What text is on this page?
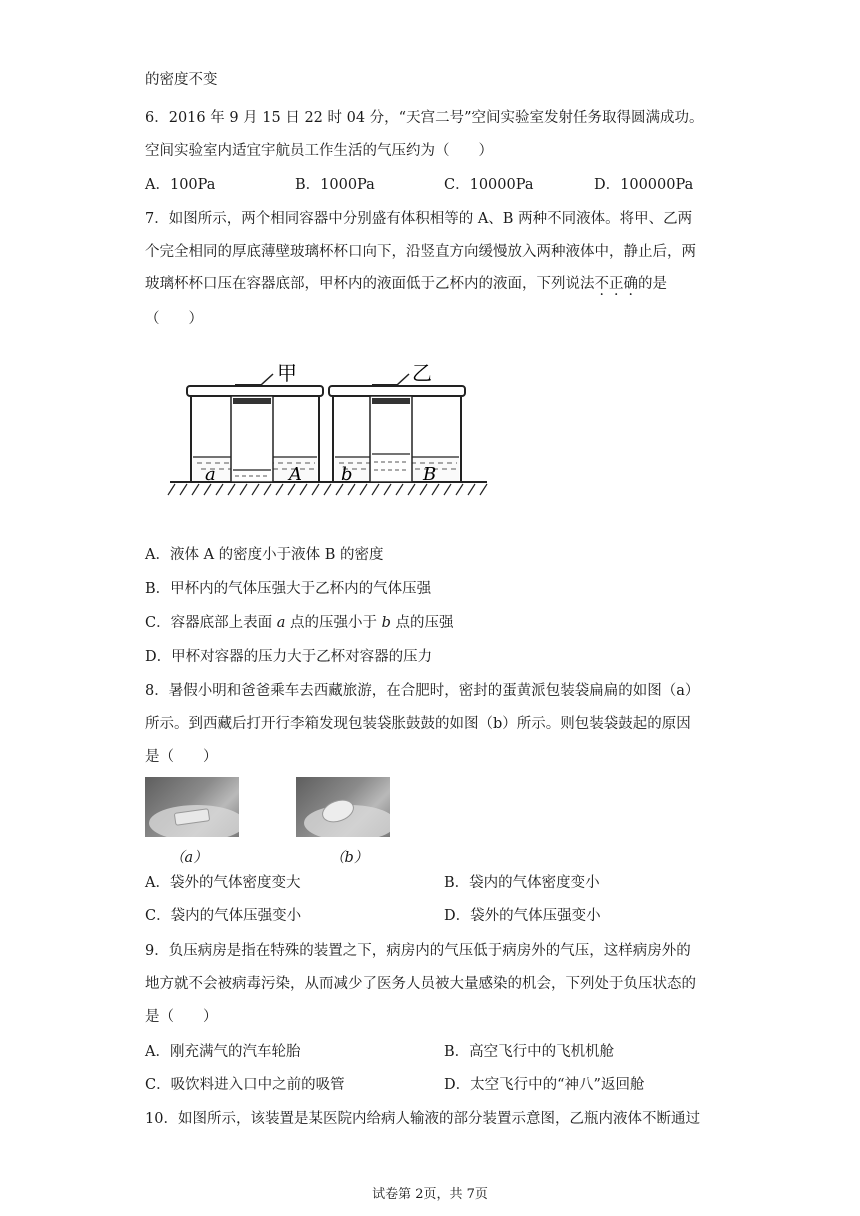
的密度不变
6．2016 年 9 月 15 日 22 时 04 分，“天宫二号”空间实验室发射任务取得圆满成功。
空间实验室内适宜宇航员工作生活的气压约为（　　）
A．100Pa	B．1000Pa	C．10000Pa	D．100000Pa
7．如图所示，两个相同容器中分别盛有体积相等的 A、B 两种不同液体。将甲、乙两
个完全相同的厚底薄壁玻璃杯杯口向下，沿竖直方向缓慢放入两种液体中，静止后，两
玻璃杯杯口压在容器底部，甲杯内的液面低于乙杯内的液面，下列说法不正确的是
（　　）
甲	乙
a	A b	B
A．液体 A 的密度小于液体 B 的密度
B．甲杯内的气体压强大于乙杯内的气体压强
C．容器底部上表面 a 点的压强小于 b 点的压强
D．甲杯对容器的压力大于乙杯对容器的压力
8．暑假小明和爸爸乘车去西藏旅游，在合肥时，密封的蛋黄派包装袋扁扁的如图（a）
所示。到西藏后打开行李箱发现包装袋胀鼓鼓的如图（b）所示。则包装袋鼓起的原因
是（　　）
（a）	（b）
A．袋外的气体密度变大	B．袋内的气体密度变小
C．袋内的气体压强变小	D．袋外的气体压强变小
9．负压病房是指在特殊的装置之下，病房内的气压低于病房外的气压，这样病房外的
地方就不会被病毒污染，从而减少了医务人员被大量感染的机会，下列处于负压状态的
是（　　）
A．刚充满气的汽车轮胎	B．高空飞行中的飞机机舱
C．吸饮料进入口中之前的吸管	D．太空飞行中的“神八”返回舱
10．如图所示，该装置是某医院内给病人输液的部分装置示意图，乙瓶内液体不断通过
试卷第 2页，共 7页
